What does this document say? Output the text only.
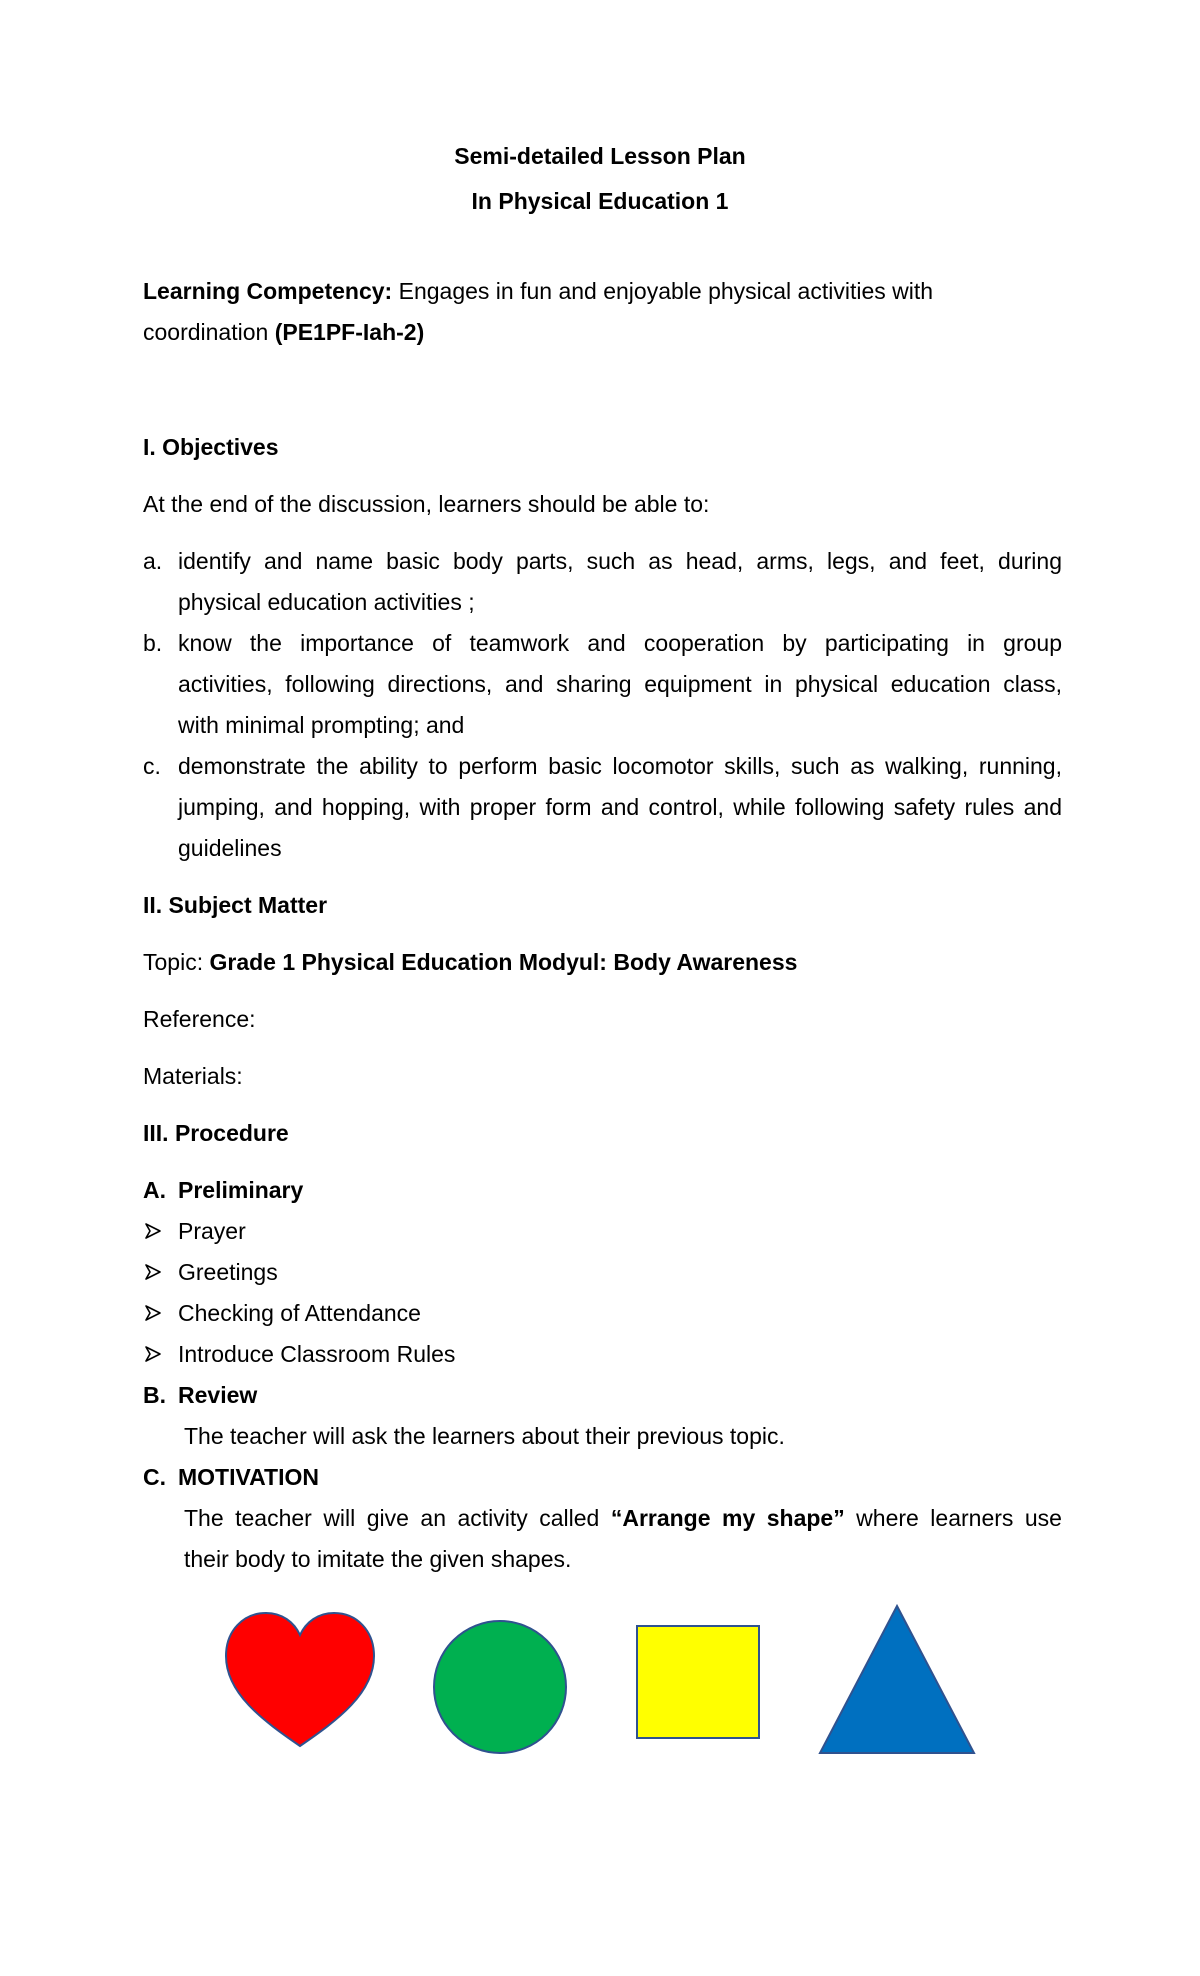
Semi-detailed Lesson Plan
In Physical Education 1
Learning Competency: Engages in fun and enjoyable physical activities with
coordination (PE1PF-Iah-2)
I. Objectives
At the end of the discussion, learners should be able to:
a. identify and name basic body parts, such as head, arms, legs, and feet, during
physical education activities ;
b. know the importance of teamwork and cooperation by participating in group
activities, following directions, and sharing equipment in physical education class,
with minimal prompting; and
c. demonstrate the ability to perform basic locomotor skills, such as walking, running,
jumping, and hopping, with proper form and control, while following safety rules and
guidelines
II. Subject Matter
Topic: Grade 1 Physical Education Modyul: Body Awareness
Reference:
Materials:
III. Procedure
A. Preliminary
Prayer
Greetings
Checking of Attendance
Introduce Classroom Rules
B. Review
The teacher will ask the learners about their previous topic.
C. MOTIVATION
The teacher will give an activity called “Arrange my shape” where learners use
their body to imitate the given shapes.
